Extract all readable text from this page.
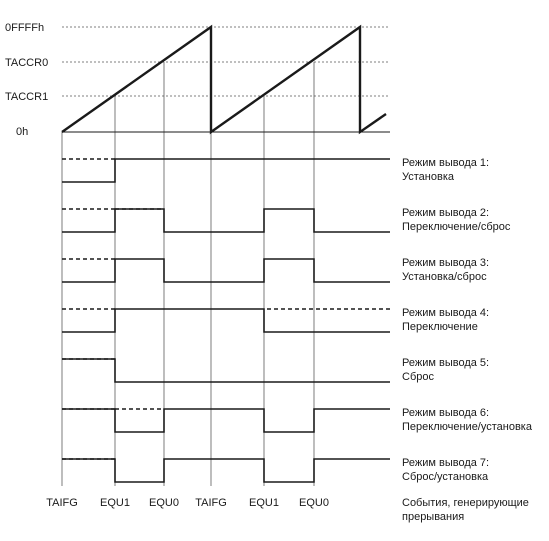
0FFFFh
TACCR0
TACCR1
0h
Режим вывода 1:
Установка
Режим вывода 2:
Переключение/сброс
Режим вывода 3:
Установка/сброс
Режим вывода 4:
Переключение
Режим вывода 5:
Сброс
Режим вывода 6:
Переключение/установка
Режим вывода 7:
Сброс/установка
TAIFG EQU1 EQU0 TAIFG EQU1 EQU0	События, генерирующие
прерывания
